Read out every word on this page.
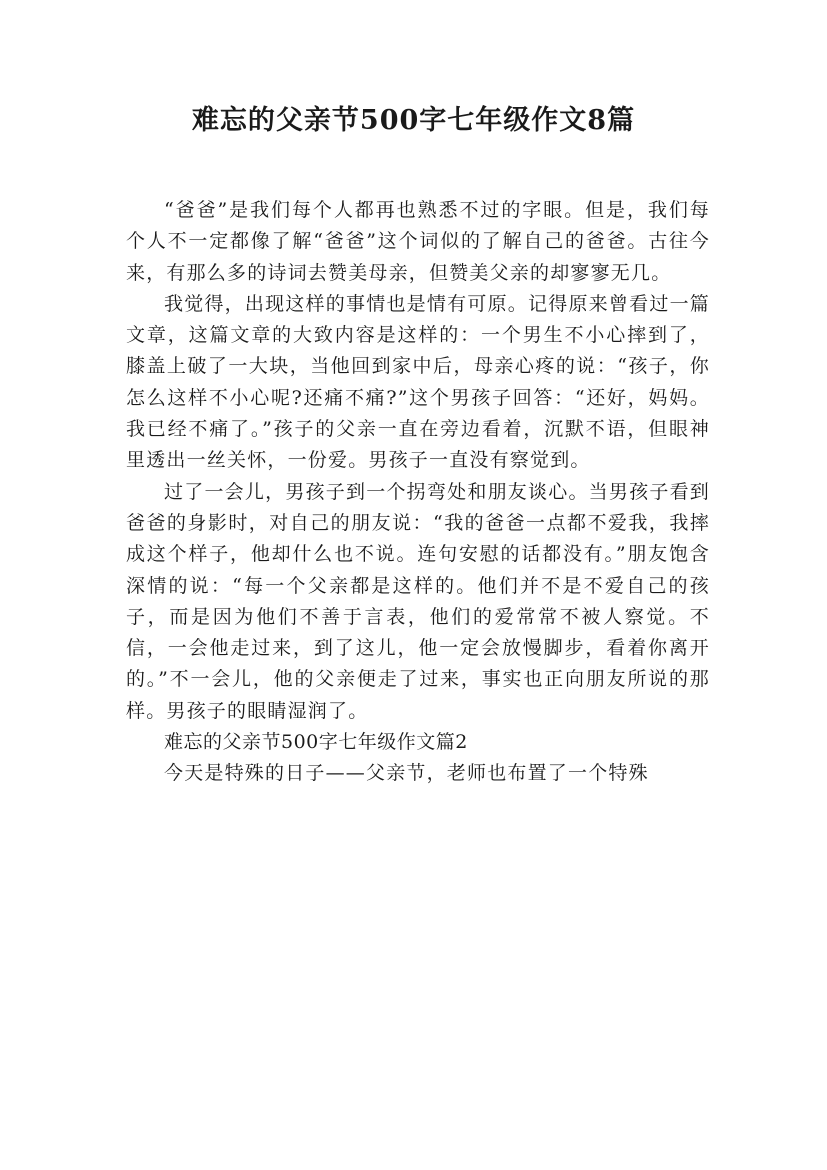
难忘的父亲节500字七年级作文8篇

“爸爸”是我们每个人都再也熟悉不过的字眼。但是，我们每个人不一定都像了解“爸爸”这个词似的了解自己的爸爸。古往今来，有那么多的诗词去赞美母亲，但赞美父亲的却寥寥无几。

我觉得，出现这样的事情也是情有可原。记得原来曾看过一篇文章，这篇文章的大致内容是这样的：一个男生不小心摔到了，膝盖上破了一大块，当他回到家中后，母亲心疼的说：“孩子，你怎么这样不小心呢?还痛不痛?”这个男孩子回答：“还好，妈妈。我已经不痛了。”孩子的父亲一直在旁边看着，沉默不语，但眼神里透出一丝关怀，一份爱。男孩子一直没有察觉到。

过了一会儿，男孩子到一个拐弯处和朋友谈心。当男孩子看到爸爸的身影时，对自己的朋友说：“我的爸爸一点都不爱我，我摔成这个样子，他却什么也不说。连句安慰的话都没有。”朋友饱含深情的说：“每一个父亲都是这样的。他们并不是不爱自己的孩子，而是因为他们不善于言表，他们的爱常常不被人察觉。不信，一会他走过来，到了这儿，他一定会放慢脚步，看着你离开的。”不一会儿，他的父亲便走了过来，事实也正向朋友所说的那样。男孩子的眼睛湿润了。

难忘的父亲节500字七年级作文篇2

今天是特殊的日子——父亲节，老师也布置了一个特殊
